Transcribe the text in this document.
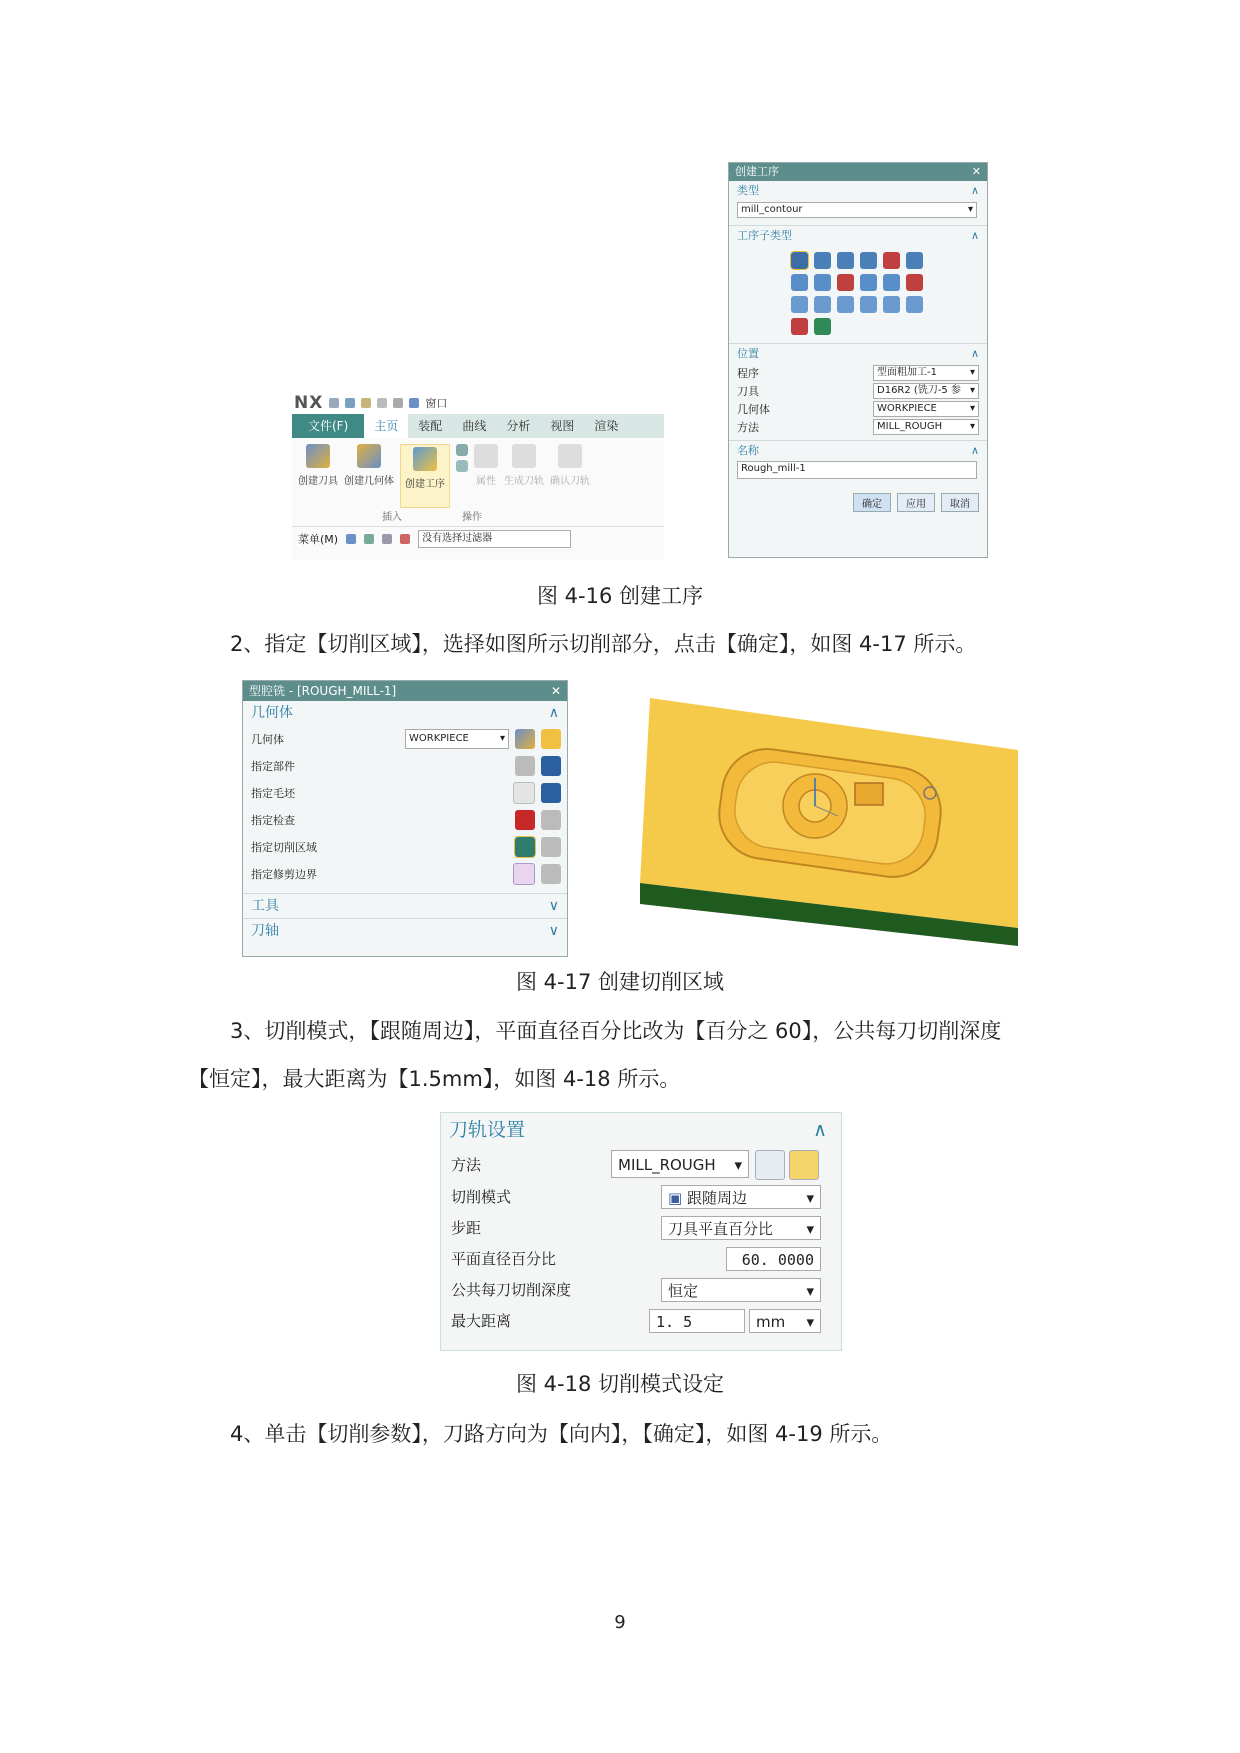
NX	窗口
文件(F)	主页	装配	曲线	分析	视图	渲染
创建刀具 创建几何体 创建工序	属性 生成刀轨 确认刀轨
插入	操作
菜单(M)	没有选择过滤器
创建工序	✕
类型	∧
mill_contour	▾
工序子类型	∧
位置	∧
程序	型面粗加工-1	▾
刀具	D16R2 (铣刀-5 参 ▾
几何体	WORKPIECE	▾
方法	MILL_ROUGH	▾
名称	∧
Rough_mill-1
确定	应用	取消
图 4-16 创建工序
2、指定【切削区域】，选择如图所示切削部分，点击【确定】，如图 4-17 所示。
型腔铣 - [ROUGH_MILL-1]	✕
几何体	∧
几何体	WORKPIECE	▾
指定部件
指定毛坯
指定检查
指定切削区域
指定修剪边界
工具	∨
刀轴	∨
图 4-17 创建切削区域
3、切削模式，【跟随周边】，平面直径百分比改为【百分之 60】，公共每刀切削深度
【恒定】，最大距离为【1.5mm】，如图 4-18 所示。
刀轨设置	∧
方法	MILL_ROUGH ▾
切削模式	▣ 跟随周边	▾
步距	刀具平直百分比 ▾
平面直径百分比	60. 0000
公共每刀切削深度	恒定	▾
最大距离	1. 5	mm ▾
图 4-18 切削模式设定
4、单击【切削参数】，刀路方向为【向内】，【确定】，如图 4-19 所示。
9
